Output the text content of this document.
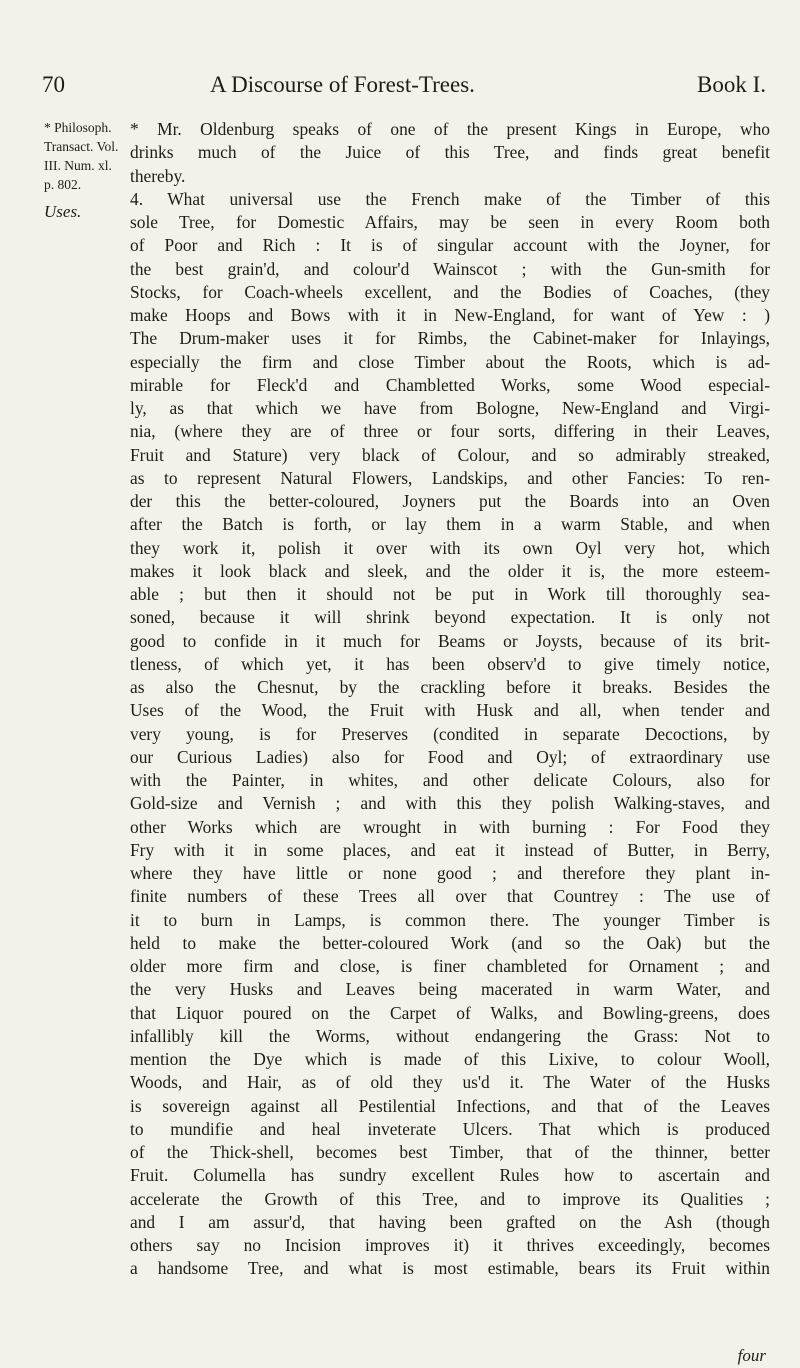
70	A Discourse of Forest-Trees.	Book I.
* Philosoph.
Transact. Vol.
III. Num. xl.
p. 802.
Uses.
* Mr. Oldenburg speaks of one of the present Kings in Europe, who
drinks much of the Juice of this Tree, and finds great benefit
thereby.
4. What universal use the French make of the Timber of this
sole Tree, for Domestic Affairs, may be seen in every Room both
of Poor and Rich : It is of singular account with the Joyner, for
the best grain'd, and colour'd Wainscot ; with the Gun-smith for
Stocks, for Coach-wheels excellent, and the Bodies of Coaches, (they
make Hoops and Bows with it in New-England, for want of Yew : )
The Drum-maker uses it for Rimbs, the Cabinet-maker for Inlayings,
especially the firm and close Timber about the Roots, which is ad-
mirable for Fleck'd and Chambletted Works, some Wood especial-
ly, as that which we have from Bologne, New-England and Virgi-
nia, (where they are of three or four sorts, differing in their Leaves,
Fruit and Stature) very black of Colour, and so admirably streaked,
as to represent Natural Flowers, Landskips, and other Fancies: To ren-
der this the better-coloured, Joyners put the Boards into an Oven
after the Batch is forth, or lay them in a warm Stable, and when
they work it, polish it over with its own Oyl very hot, which
makes it look black and sleek, and the older it is, the more esteem-
able ; but then it should not be put in Work till thoroughly sea-
soned, because it will shrink beyond expectation. It is only not
good to confide in it much for Beams or Joysts, because of its brit-
tleness, of which yet, it has been observ'd to give timely notice,
as also the Chesnut, by the crackling before it breaks. Besides the
Uses of the Wood, the Fruit with Husk and all, when tender and
very young, is for Preserves (condited in separate Decoctions, by
our Curious Ladies) also for Food and Oyl; of extraordinary use
with the Painter, in whites, and other delicate Colours, also for
Gold-size and Vernish ; and with this they polish Walking-staves, and
other Works which are wrought in with burning : For Food they
Fry with it in some places, and eat it instead of Butter, in Berry,
where they have little or none good ; and therefore they plant in-
finite numbers of these Trees all over that Countrey : The use of
it to burn in Lamps, is common there. The younger Timber is
held to make the better-coloured Work (and so the Oak) but the
older more firm and close, is finer chambleted for Ornament ; and
the very Husks and Leaves being macerated in warm Water, and
that Liquor poured on the Carpet of Walks, and Bowling-greens, does
infallibly kill the Worms, without endangering the Grass: Not to
mention the Dye which is made of this Lixive, to colour Wooll,
Woods, and Hair, as of old they us'd it. The Water of the Husks
is sovereign against all Pestilential Infections, and that of the Leaves
to mundifie and heal inveterate Ulcers. That which is produced
of the Thick-shell, becomes best Timber, that of the thinner, better
Fruit. Columella has sundry excellent Rules how to ascertain and
accelerate the Growth of this Tree, and to improve its Qualities ;
and I am assur'd, that having been grafted on the Ash (though
others say no Incision improves it) it thrives exceedingly, becomes
a handsome Tree, and what is most estimable, bears its Fruit within
four
